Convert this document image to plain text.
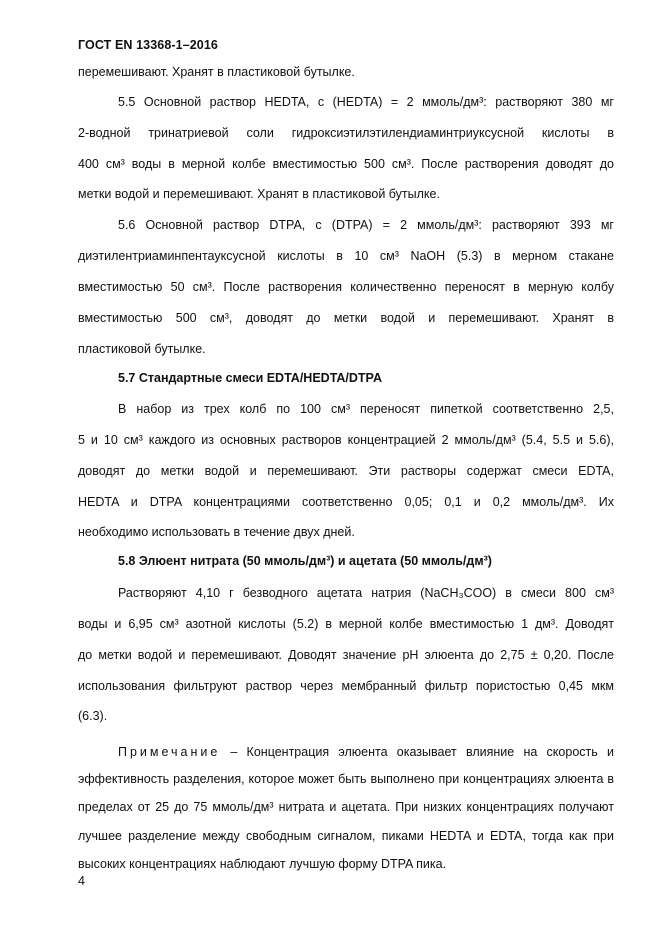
ГОСТ EN 13368-1–2016
перемешивают. Хранят в пластиковой бутылке.
5.5 Основной раствор HEDTA, c (HEDTA) = 2 ммоль/дм³: растворяют 380 мг
2-водной тринатриевой соли гидроксиэтилэтилендиаминтриуксусной кислоты в
400 см³ воды в мерной колбе вместимостью 500 см³. После растворения доводят до
метки водой и перемешивают. Хранят в пластиковой бутылке.
5.6 Основной раствор DTPA, c (DTPA) = 2 ммоль/дм³: растворяют 393 мг
диэтилентриаминпентауксусной кислоты в 10 см³ NaOH (5.3) в мерном стакане
вместимостью 50 см³. После растворения количественно переносят в мерную колбу
вместимостью 500 см³, доводят до метки водой и перемешивают. Хранят в
пластиковой бутылке.
5.7 Стандартные смеси EDTA/HEDTA/DTPA
В набор из трех колб по 100 см³ переносят пипеткой соответственно 2,5,
5 и 10 см³ каждого из основных растворов концентрацией 2 ммоль/дм³ (5.4, 5.5 и 5.6),
доводят до метки водой и перемешивают. Эти растворы содержат смеси EDTA,
HEDTA и DTPA концентрациями соответственно 0,05; 0,1 и 0,2 ммоль/дм³. Их
необходимо использовать в течение двух дней.
5.8 Элюент нитрата (50 ммоль/дм³) и ацетата (50 ммоль/дм³)
Растворяют 4,10 г безводного ацетата натрия (NaCH₃COO) в смеси 800 см³
воды и 6,95 см³ азотной кислоты (5.2) в мерной колбе вместимостью 1 дм³. Доводят
до метки водой и перемешивают. Доводят значение pH элюента до 2,75 ± 0,20. После
использования фильтруют раствор через мембранный фильтр пористостью 0,45 мкм
(6.3).
Примечание – Концентрация элюента оказывает влияние на скорость и
эффективность разделения, которое может быть выполнено при концентрациях элюента в
пределах от 25 до 75 ммоль/дм³ нитрата и ацетата. При низких концентрациях получают
лучшее разделение между свободным сигналом, пиками HEDTA и EDTA, тогда как при
высоких концентрациях наблюдают лучшую форму DTPA пика.
4
